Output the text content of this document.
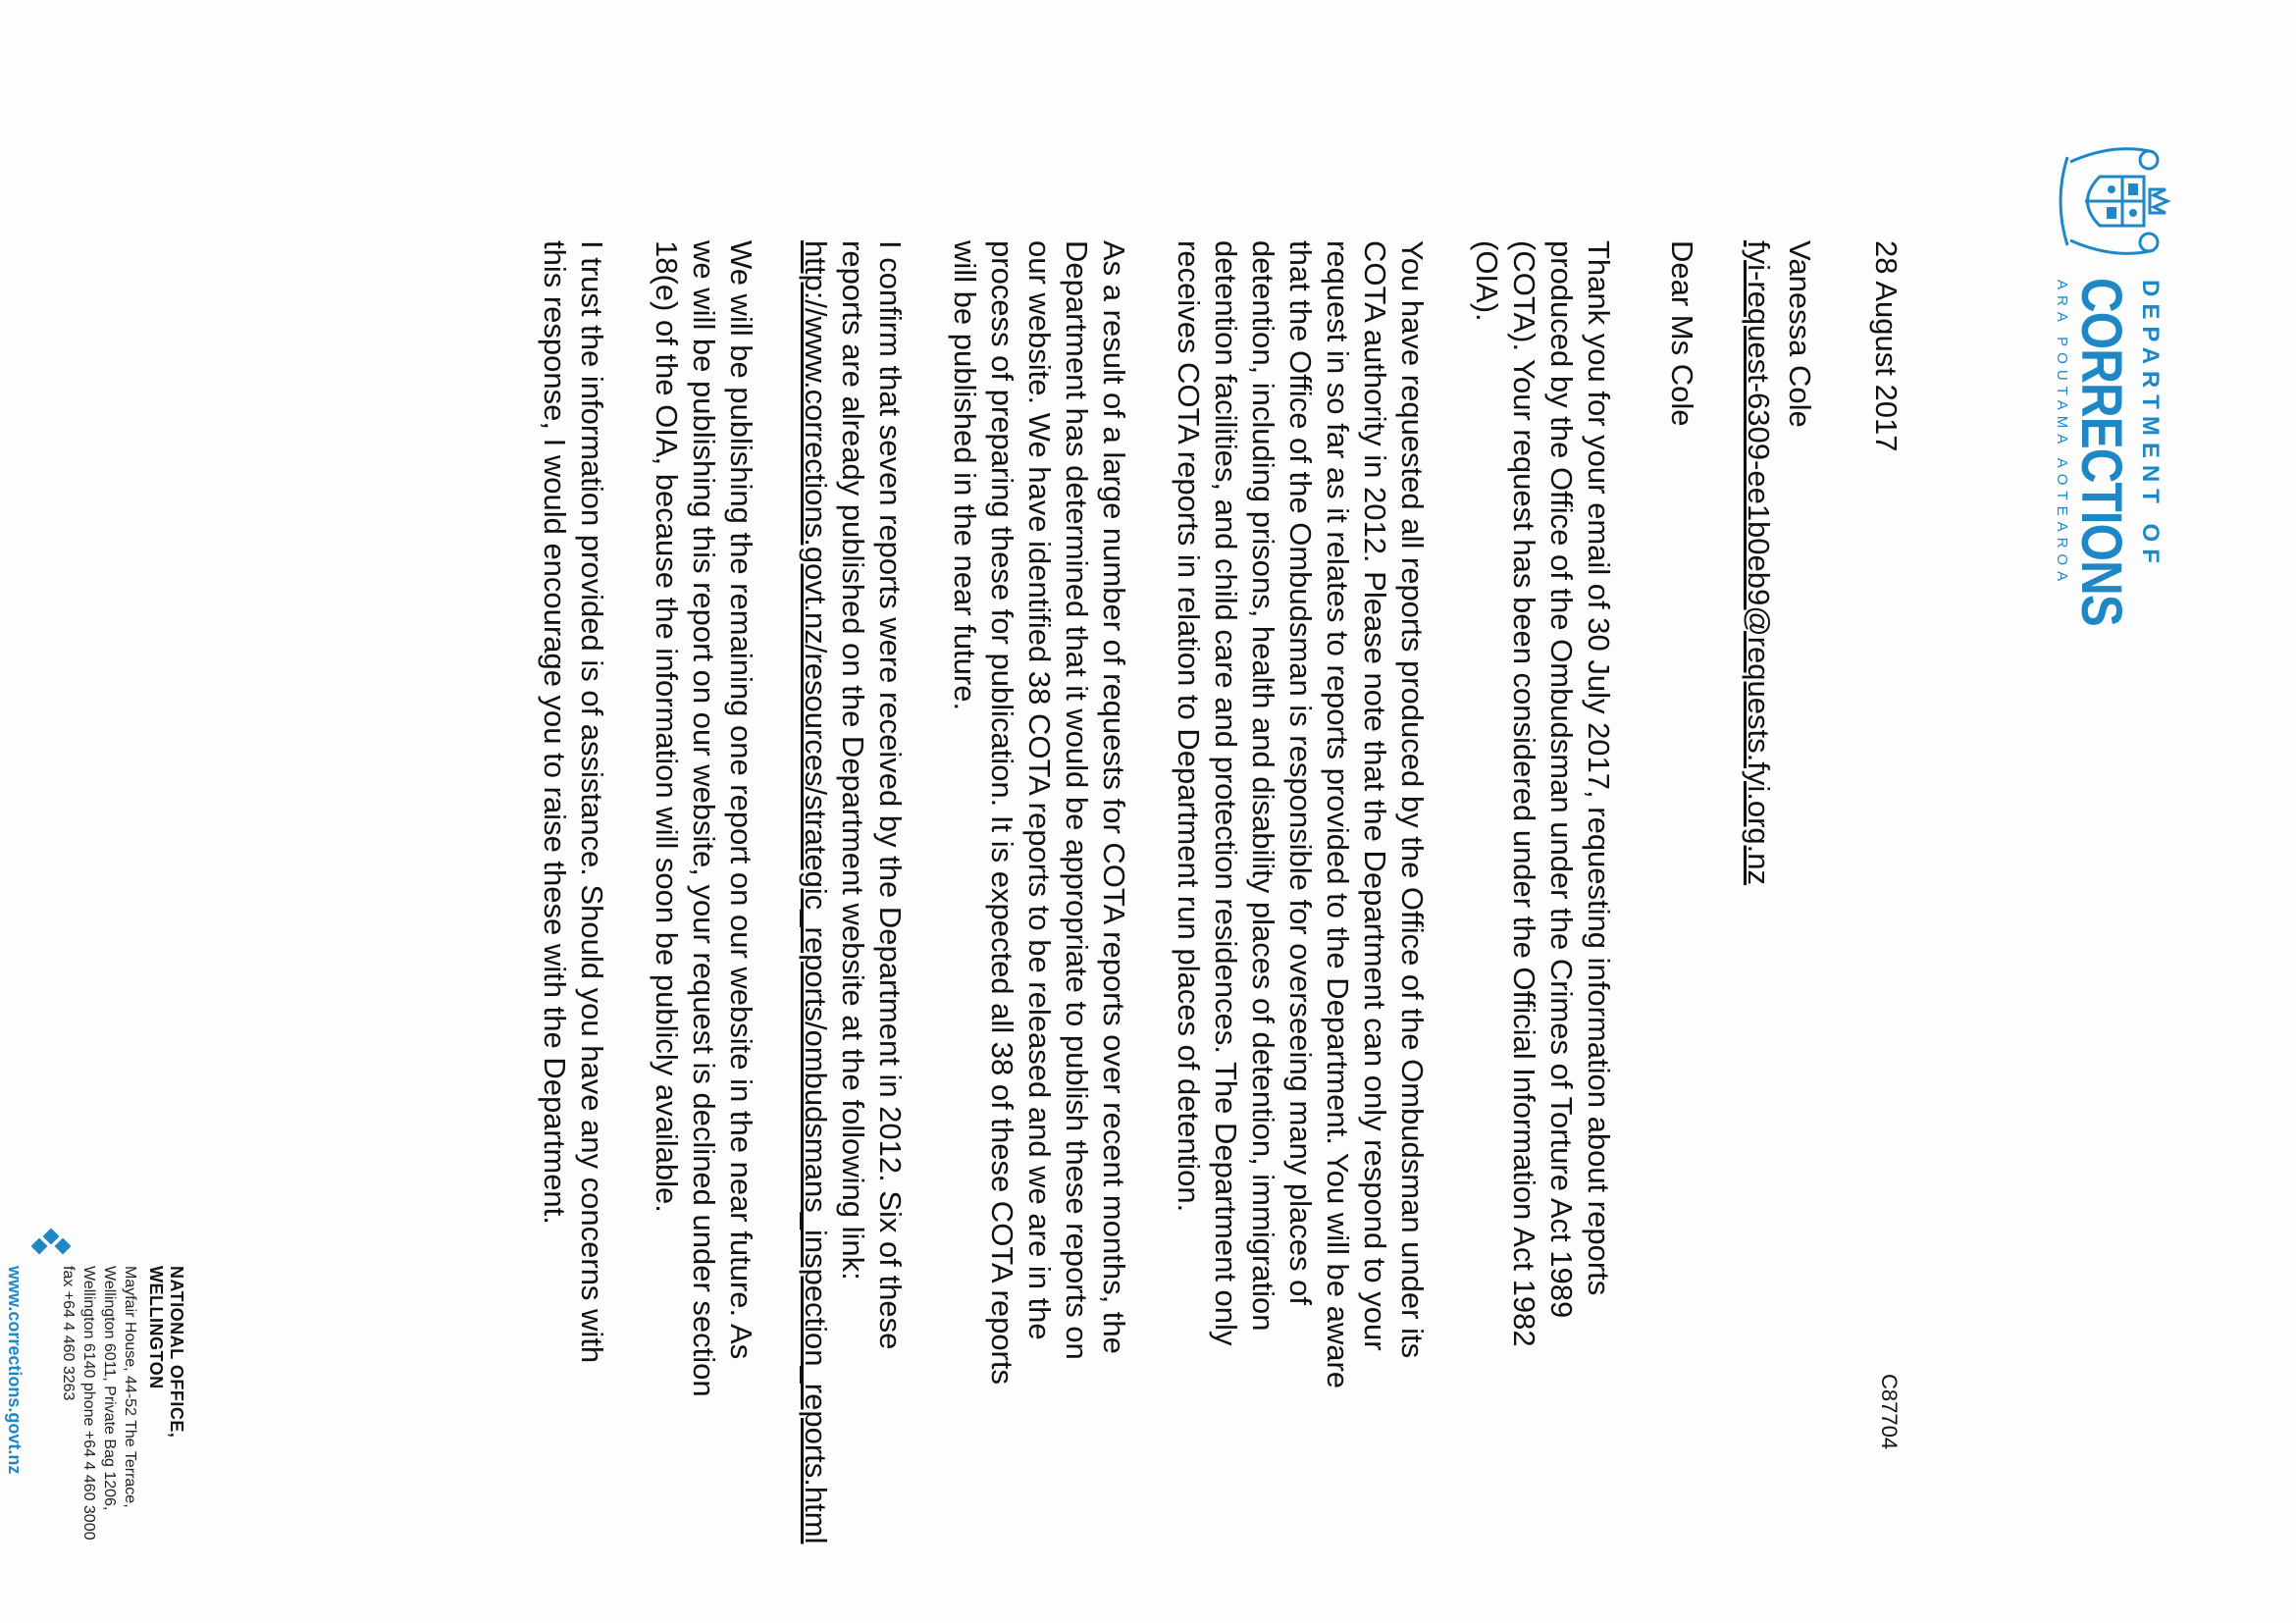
DEPARTMENT OF
CORRECTIONS
ARA POUTAMA AOTEAROA
28 August 2017
C87704
Vanessa Cole
fyi-request-6309-ee1b0eb9@requests.fyi.org.nz
Dear Ms Cole

Thank you for your email of 30 July 2017, requesting information about reports produced by the Office of the Ombudsman under the Crimes of Torture Act 1989 (COTA). Your request has been considered under the Official Information Act 1982 (OIA).

You have requested all reports produced by the Office of the Ombudsman under its COTA authority in 2012. Please note that the Department can only respond to your request in so far as it relates to reports provided to the Department. You will be aware that the Office of the Ombudsman is responsible for overseeing many places of detention, including prisons, health and disability places of detention, immigration detention facilities, and child care and protection residences. The Department only receives COTA reports in relation to Department run places of detention.

As a result of a large number of requests for COTA reports over recent months, the Department has determined that it would be appropriate to publish these reports on our website. We have identified 38 COTA reports to be released and we are in the process of preparing these for publication. It is expected all 38 of these COTA reports will be published in the near future.

I confirm that seven reports were received by the Department in 2012. Six of these reports are already published on the Department website at the following link:
http://www.corrections.govt.nz/resources/strategic_reports/ombudsmans_inspection_reports.html

We will be publishing the remaining one report on our website in the near future. As we will be publishing this report on our website, your request is declined under section 18(e) of the OIA, because the information will soon be publicly available.

I trust the information provided is of assistance. Should you have any concerns with this response, I would encourage you to raise these with the Department.

NATIONAL OFFICE, WELLINGTON
Mayfair House, 44-52 The Terrace, Wellington 6011, Private Bag 1206, Wellington 6140 phone +64 4 460 3000 fax +64 4 460 3263
www.corrections.govt.nz
